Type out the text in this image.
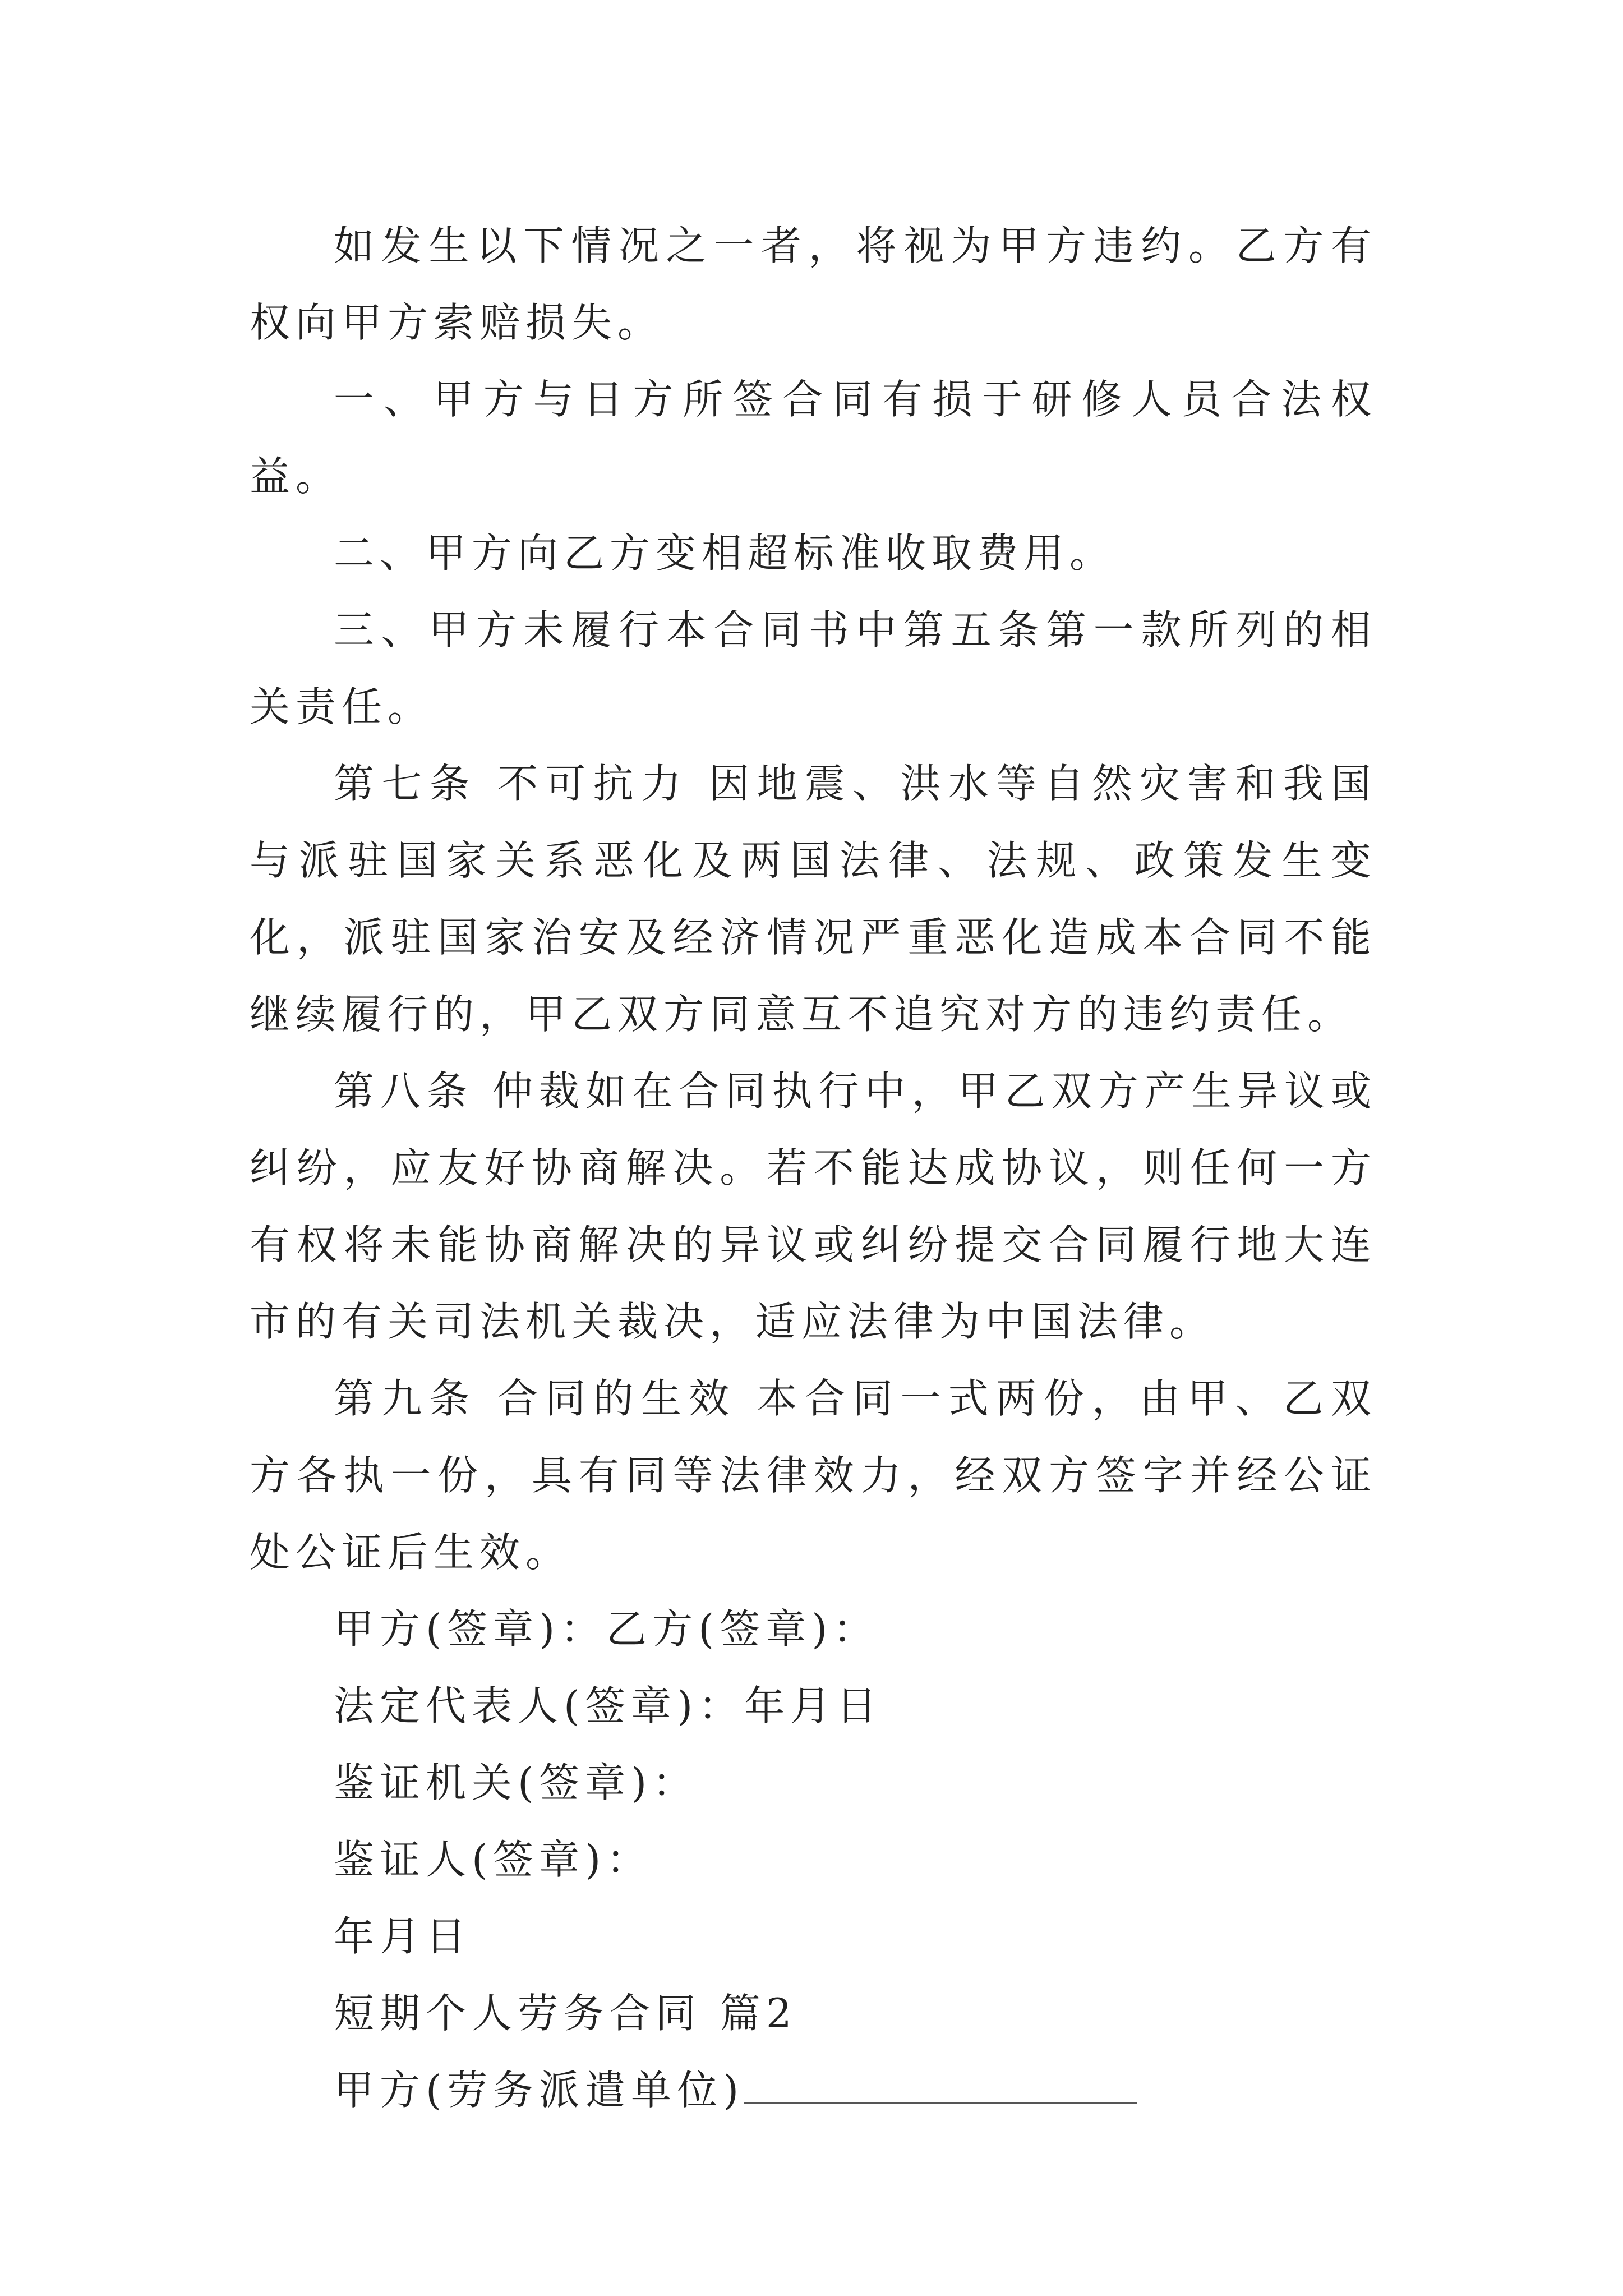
如发生以下情况之一者，将视为甲方违约。乙方有权向甲方索赔损失。

一、甲方与日方所签合同有损于研修人员合法权益。

二、甲方向乙方变相超标准收取费用。

三、甲方未履行本合同书中第五条第一款所列的相关责任。

第七条 不可抗力 因地震、洪水等自然灾害和我国与派驻国家关系恶化及两国法律、法规、政策发生变化，派驻国家治安及经济情况严重恶化造成本合同不能继续履行的，甲乙双方同意互不追究对方的违约责任。

第八条 仲裁如在合同执行中，甲乙双方产生异议或纠纷，应友好协商解决。若不能达成协议，则任何一方有权将未能协商解决的异议或纠纷提交合同履行地大连市的有关司法机关裁决，适应法律为中国法律。

第九条 合同的生效 本合同一式两份，由甲、乙双方各执一份，具有同等法律效力，经双方签字并经公证处公证后生效。

甲方(签章)：乙方(签章)：

法定代表人(签章)：年月日

鉴证机关(签章)：

鉴证人(签章)：

年月日

短期个人劳务合同 篇2

甲方(劳务派遣单位)
